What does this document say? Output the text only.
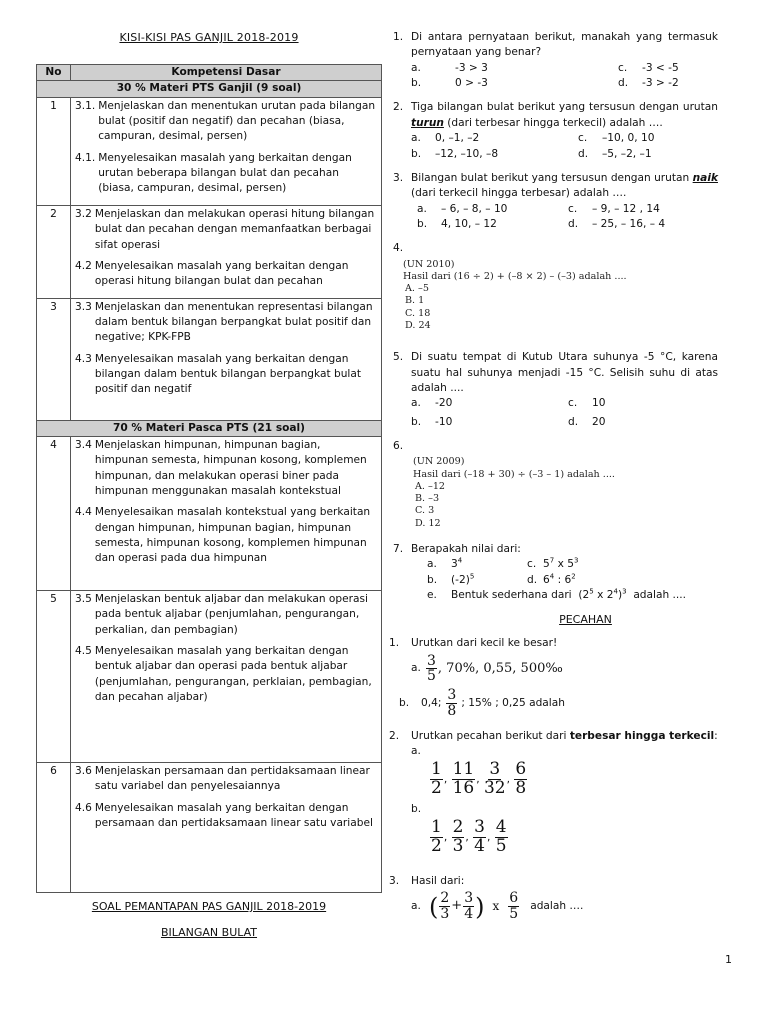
KISI-KISI PAS GANJIL 2018-2019
No	Kompetensi Dasar
30 % Materi PTS Ganjil (9 soal)	
1	3.1. Menjelaskan dan menentukan urutan pada bilangan bulat (positif dan negatif) dan pecahan (biasa, campuran, desimal, persen)
4.1. Menyelesaikan masalah yang berkaitan dengan urutan beberapa bilangan bulat dan pecahan (biasa, campuran, desimal, persen)

2	3.2 Menjelaskan dan melakukan operasi hitung bilangan bulat dan pecahan dengan memanfaatkan berbagai sifat operasi
4.2 Menyelesaikan masalah yang berkaitan dengan operasi hitung bilangan bulat dan pecahan

3	3.3 Menjelaskan dan menentukan representasi bilangan dalam bentuk bilangan berpangkat bulat positif dan negative; KPK-FPB
4.3 Menyelesaikan masalah yang berkaitan dengan bilangan dalam bentuk bilangan berpangkat bulat positif dan negatif

70 % Materi Pasca PTS (21 soal)	
4	3.4 Menjelaskan himpunan, himpunan bagian, himpunan semesta, himpunan kosong, komplemen himpunan, dan melakukan operasi biner pada himpunan menggunakan masalah kontekstual
4.4 Menyelesaikan masalah kontekstual yang berkaitan dengan himpunan, himpunan bagian, himpunan semesta, himpunan kosong, komplemen himpunan dan operasi pada dua himpunan

5	3.5 Menjelaskan bentuk aljabar dan melakukan operasi pada bentuk aljabar (penjumlahan, pengurangan, perkalian, dan pembagian)
4.5 Menyelesaikan masalah yang berkaitan dengan bentuk aljabar dan operasi pada bentuk aljabar (penjumlahan, pengurangan, perklaian, pembagian, dan pecahan aljabar)

6	3.6 Menjelaskan persamaan dan pertidaksamaan linear satu variabel dan penyelesaiannya
4.6 Menyelesaikan masalah yang berkaitan dengan persamaan dan pertidaksamaan linear satu variabel
SOAL PEMANTAPAN PAS GANJIL 2018-2019
BILANGAN BULAT
1. Di antara pernyataan berikut, manakah yang termasuk pernyataan yang benar?
a.	-3 > 3	c.	-3 < -5
b.	0 > -3	d.	-3 > -2
2. Tiga bilangan bulat berikut yang tersusun dengan urutan turun (dari terbesar hingga terkecil) adalah ….
a.	0, –1, –2	c.	–10, 0, 10
b.	–12, –10, –8	d.	–5, –2, –1
3. Bilangan bulat berikut yang tersusun dengan urutan naik (dari terkecil hingga terbesar) adalah ….
a.	– 6, – 8, – 10	c.	– 9, – 12 , 14
b.	4, 10, – 12	d.	– 25, – 16, – 4
4.
(UN 2010)
Hasil dari (16 ÷ 2) + (–8 × 2) – (–3) adalah ....
A. –5
B. 1
C. 18
D. 24
5. Di suatu tempat di Kutub Utara suhunya -5 °C, karena suatu hal suhunya menjadi -15 °C. Selisih suhu di atas adalah ....
a.	-20	c.	10
b.	-10	d.	20
6.
(UN 2009)
Hasil dari (–18 + 30) ÷ (–3 – 1) adalah ....
A. –12
B. –3
C. 3
D. 12
7. Berapakah nilai dari:
a. $3^4$	c. $5^7$ x $5^3$
b. $(-2)^5$	d. $6^4$ : $6^2$
e. Bentuk sederhana dari  ($2^5$ x $2^4)^3$ adalah ....
PECAHAN
1.	Urutkan dari kecil ke besar!
a. $\frac{3}{5}$ , 70%, 0,55, 500‰
b.	0,4; $\frac{3}{8}$ ; 15% ; 0,25 adalah
2.	Urutkan pecahan berikut dari terbesar hingga terkecil:
a.
$\frac{1}{2}$ , $\frac{11}{16}$ , $\frac{3}{32}$ , $\frac{6}{8}$
b.
$\frac{1}{2}$ , $\frac{2}{3}$ , $\frac{3}{4}$ , $\frac{4}{5}$
3.	Hasil dari:
a. ( $\frac{2}{3} + \frac{3}{4}$ ) x $\frac{6}{5}$ adalah ….
1
